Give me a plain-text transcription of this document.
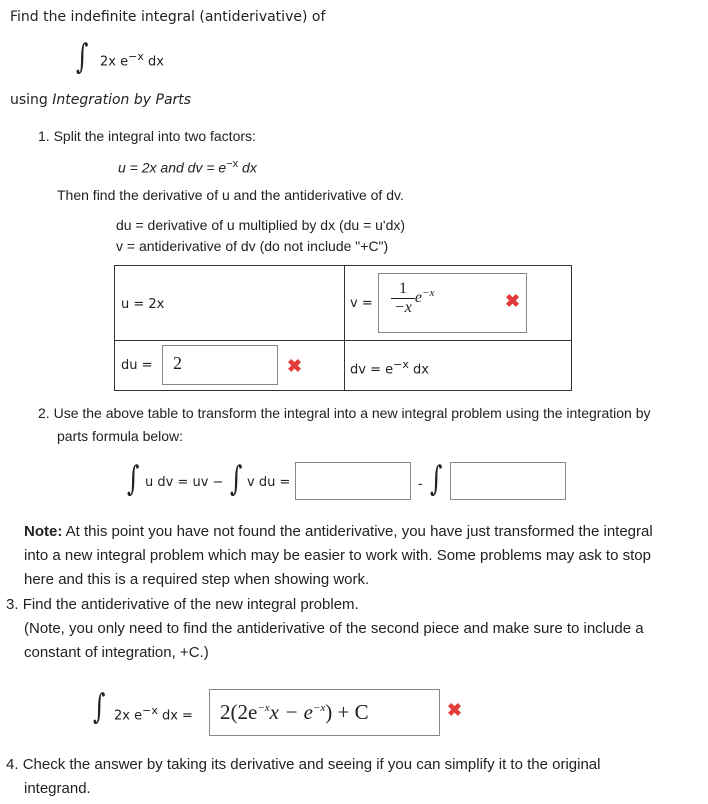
Find the indefinite integral (antiderivative) of
∫ 2x $e^{-x}$ dx
using Integration by Parts
1. Split the integral into two factors:
u = 2x and dv = $e^{-x}$ dx
Then find the derivative of u and the antiderivative of dv.
du = derivative of u multiplied by dx (du = u'dx)
v = antiderivative of dv (do not include "+C")
u = 2x	$v = \frac{1}{-x} e^{-x}$ ✖

du = 2 ✖	dv = $e^{-x}$ dx
2. Use the above table to transform the integral into a new integral problem using the integration by
parts formula below:
∫ u dv = uv − ∫ v du =	- ∫
Note: At this point you have not found the antiderivative, you have just transformed the integral
into a new integral problem which may be easier to work with. Some problems may ask to stop
here and this is a required step when showing work.
3. Find the antiderivative of the new integral problem.
(Note, you only need to find the antiderivative of the second piece and make sure to include a
constant of integration, +C.)
∫ 2x $e^{-x}$ dx = $2(2e^{-x}x - e^{-x}) + C$	✖
4. Check the answer by taking its derivative and seeing if you can simplify it to the original
integrand.
